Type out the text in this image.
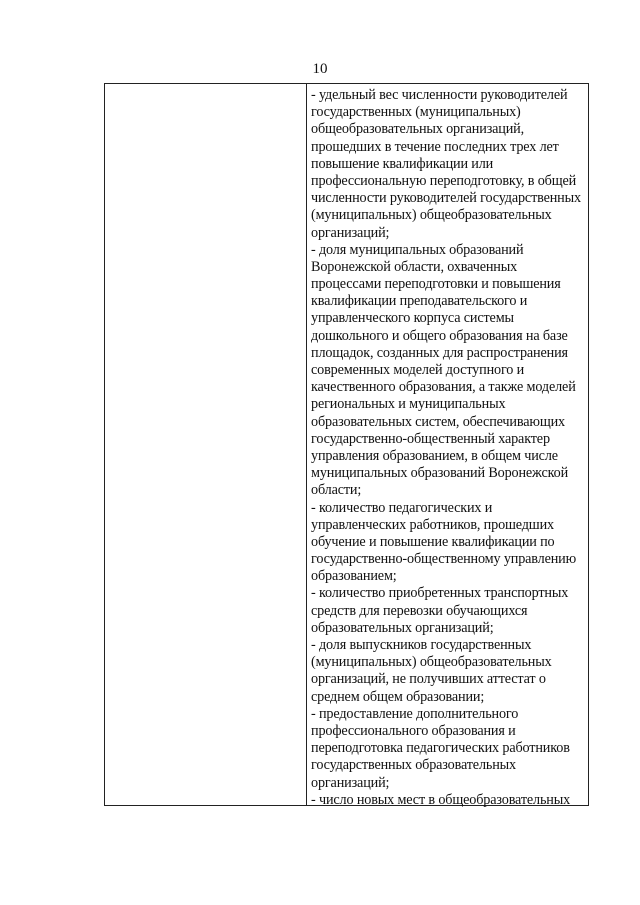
10
- удельный вес численности руководителей
государственных (муниципальных)
общеобразовательных организаций,
прошедших в течение последних трех лет
повышение квалификации или
профессиональную переподготовку, в общей
численности руководителей государственных
(муниципальных) общеобразовательных
организаций;
- доля муниципальных образований
Воронежской области, охваченных
процессами переподготовки и повышения
квалификации преподавательского и
управленческого корпуса системы
дошкольного и общего образования на базе
площадок, созданных для распространения
современных моделей доступного и
качественного образования, а также моделей
региональных и муниципальных
образовательных систем, обеспечивающих
государственно-общественный характер
управления образованием, в общем числе
муниципальных образований Воронежской
области;
- количество педагогических и
управленческих работников, прошедших
обучение и повышение квалификации по
государственно-общественному управлению
образованием;
- количество приобретенных транспортных
средств для перевозки обучающихся
образовательных организаций;
- доля выпускников государственных
(муниципальных) общеобразовательных
организаций, не получивших аттестат о
среднем общем образовании;
- предоставление дополнительного
профессионального образования и
переподготовка педагогических работников
государственных образовательных
организаций;
- число новых мест в общеобразовательных
